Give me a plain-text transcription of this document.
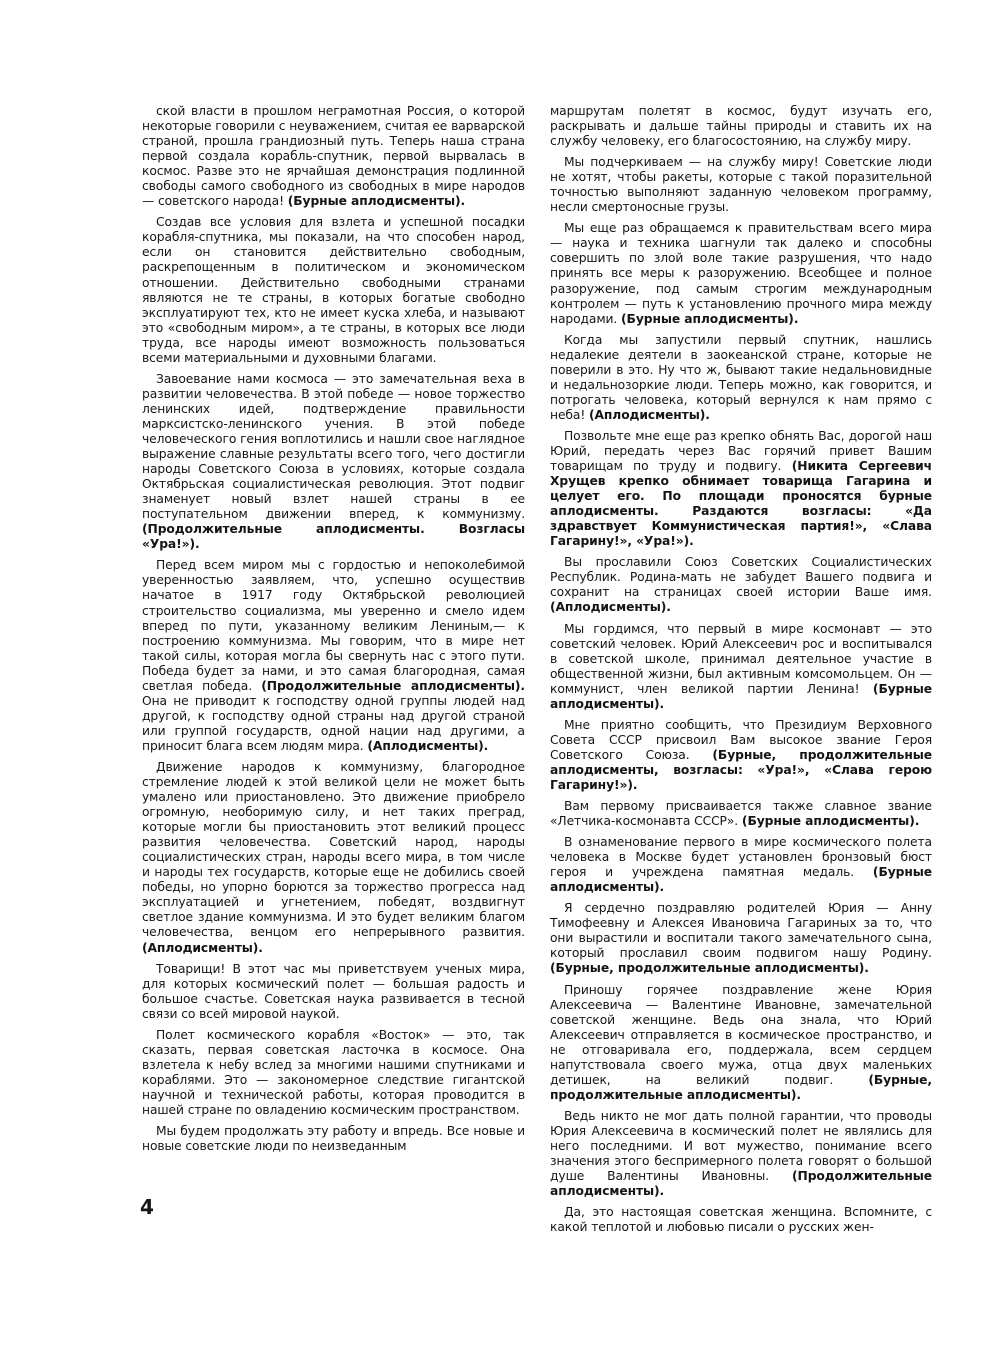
ской власти в прошлом неграмотная Россия, о которой некоторые говорили с неуважением, считая ее варварской страной, прошла грандиозный путь. Теперь наша страна первой создала корабль-спутник, первой вырвалась в космос. Разве это не ярчайшая демонстрация подлинной свободы самого свободного из свободных в мире народов — советского народа! (Бурные аплодисменты).

Создав все условия для взлета и успешной посадки корабля-спутника, мы показали, на что способен народ, если он становится действительно свободным, раскрепощенным в политическом и экономическом отношении. Действительно свободными странами являются не те страны, в которых богатые свободно эксплуатируют тех, кто не имеет куска хлеба, и называют это «свободным миром», а те страны, в которых все люди труда, все народы имеют возможность пользоваться всеми материальными и духовными благами.

Завоевание нами космоса — это замечательная веха в развитии человечества. В этой победе — новое торжество ленинских идей, подтверждение правильности марксистско-ленинского учения. В этой победе человеческого гения воплотились и нашли свое наглядное выражение славные результаты всего того, чего достигли народы Советского Союза в условиях, которые создала Октябрьская социалистическая революция. Этот подвиг знаменует новый взлет нашей страны в ее поступательном движении вперед, к коммунизму. (Продолжительные аплодисменты. Возгласы «Ура!»).

Перед всем миром мы с гордостью и непоколебимой уверенностью заявляем, что, успешно осуществив начатое в 1917 году Октябрьской революцией строительство социализма, мы уверенно и смело идем вперед по пути, указанному великим Лениным,— к построению коммунизма. Мы говорим, что в мире нет такой силы, которая могла бы свернуть нас с этого пути. Победа будет за нами, и это самая благородная, самая светлая победа. (Продолжительные аплодисменты). Она не приводит к господству одной группы людей над другой, к господству одной страны над другой страной или группой государств, одной нации над другими, а приносит блага всем людям мира. (Аплодисменты).

Движение народов к коммунизму, благородное стремление людей к этой великой цели не может быть умалено или приостановлено. Это движение приобрело огромную, необоримую силу, и нет таких преград, которые могли бы приостановить этот великий процесс развития человечества. Советский народ, народы социалистических стран, народы всего мира, в том числе и народы тех государств, которые еще не добились своей победы, но упорно борются за торжество прогресса над эксплуатацией и угнетением, победят, воздвигнут светлое здание коммунизма. И это будет великим благом человечества, венцом его непрерывного развития. (Аплодисменты).

Товарищи! В этот час мы приветствуем ученых мира, для которых космический полет — большая радость и большое счастье. Советская наука развивается в тесной связи со всей мировой наукой.

Полет космического корабля «Восток» — это, так сказать, первая советская ласточка в космосе. Она взлетела к небу вслед за многими нашими спутниками и кораблями. Это — закономерное следствие гигантской научной и технической работы, которая проводится в нашей стране по овладению космическим пространством.

Мы будем продолжать эту работу и впредь. Все новые и новые советские люди по неизведанным

маршрутам полетят в космос, будут изучать его, раскрывать и дальше тайны природы и ставить их на службу человеку, его благосостоянию, на службу миру.

Мы подчеркиваем — на службу миру! Советские люди не хотят, чтобы ракеты, которые с такой поразительной точностью выполняют заданную человеком программу, несли смертоносные грузы.

Мы еще раз обращаемся к правительствам всего мира — наука и техника шагнули так далеко и способны совершить по злой воле такие разрушения, что надо принять все меры к разоружению. Всеобщее и полное разоружение, под самым строгим международным контролем — путь к установлению прочного мира между народами. (Бурные аплодисменты).

Когда мы запустили первый спутник, нашлись недалекие деятели в заокеанской стране, которые не поверили в это. Ну что ж, бывают такие недальновидные и недальнозоркие люди. Теперь можно, как говорится, и потрогать человека, который вернулся к нам прямо с неба! (Аплодисменты).

Позвольте мне еще раз крепко обнять Вас, дорогой наш Юрий, передать через Вас горячий привет Вашим товарищам по труду и подвигу. (Никита Сергеевич Хрущев крепко обнимает товарища Гагарина и целует его. По площади проносятся бурные аплодисменты. Раздаются возгласы: «Да здравствует Коммунистическая партия!», «Слава Гагарину!», «Ура!»).

Вы прославили Союз Советских Социалистических Республик. Родина-мать не забудет Вашего подвига и сохранит на страницах своей истории Ваше имя. (Аплодисменты).

Мы гордимся, что первый в мире космонавт — это советский человек. Юрий Алексеевич рос и воспитывался в советской школе, принимал деятельное участие в общественной жизни, был активным комсомольцем. Он — коммунист, член великой партии Ленина! (Бурные аплодисменты).

Мне приятно сообщить, что Президиум Верховного Совета СССР присвоил Вам высокое звание Героя Советского Союза. (Бурные, продолжительные аплодисменты, возгласы: «Ура!», «Слава герою Гагарину!»).

Вам первому присваивается также славное звание «Летчика-космонавта СССР». (Бурные аплодисменты).

В ознаменование первого в мире космического полета человека в Москве будет установлен бронзовый бюст героя и учреждена памятная медаль. (Бурные аплодисменты).

Я сердечно поздравляю родителей Юрия — Анну Тимофеевну и Алексея Ивановича Гагариных за то, что они вырастили и воспитали такого замечательного сына, который прославил своим подвигом нашу Родину. (Бурные, продолжительные аплодисменты).

Приношу горячее поздравление жене Юрия Алексеевича — Валентине Ивановне, замечательной советской женщине. Ведь она знала, что Юрий Алексеевич отправляется в космическое пространство, и не отговаривала его, поддержала, всем сердцем напутствовала своего мужа, отца двух маленьких детишек, на великий подвиг. (Бурные, продолжительные аплодисменты).

Ведь никто не мог дать полной гарантии, что проводы Юрия Алексеевича в космический полет не являлись для него последними. И вот мужество, понимание всего значения этого беспримерного полета говорят о большой душе Валентины Ивановны. (Продолжительные аплодисменты).

Да, это настоящая советская женщина. Вспомните, с какой теплотой и любовью писали о русских жен-

4
